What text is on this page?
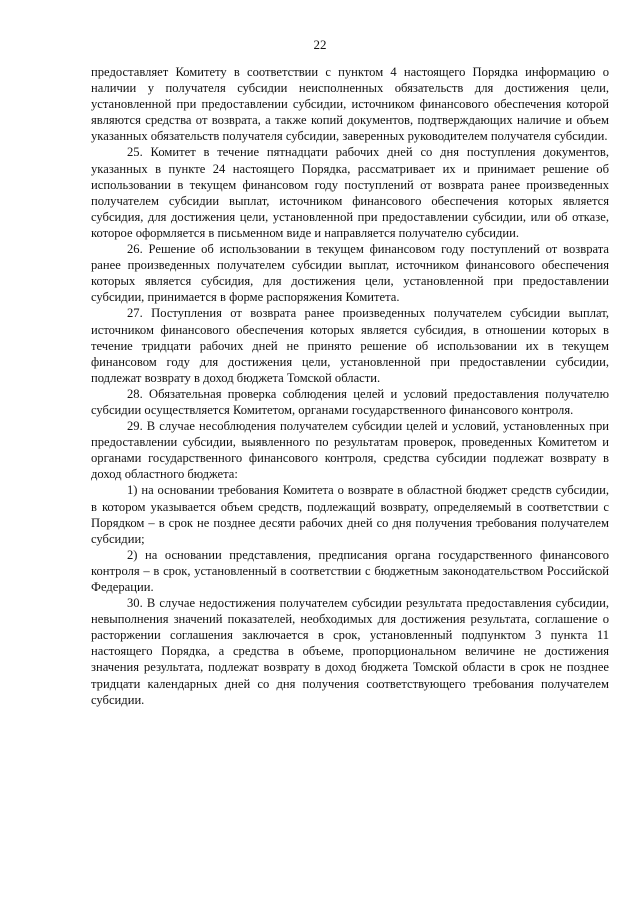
22

предоставляет Комитету в соответствии с пунктом 4 настоящего Порядка информацию о наличии у получателя субсидии неисполненных обязательств для достижения цели, установленной при предоставлении субсидии, источником финансового обеспечения которой являются средства от возврата, а также копий документов, подтверждающих наличие и объем указанных обязательств получателя субсидии, заверенных руководителем получателя субсидии.

25. Комитет в течение пятнадцати рабочих дней со дня поступления документов, указанных в пункте 24 настоящего Порядка, рассматривает их и принимает решение об использовании в текущем финансовом году поступлений от возврата ранее произведенных получателем субсидии выплат, источником финансового обеспечения которых является субсидия, для достижения цели, установленной при предоставлении субсидии, или об отказе, которое оформляется в письменном виде и направляется получателю субсидии.

26. Решение об использовании в текущем финансовом году поступлений от возврата ранее произведенных получателем субсидии выплат, источником финансового обеспечения которых является субсидия, для достижения цели, установленной при предоставлении субсидии, принимается в форме распоряжения Комитета.

27. Поступления от возврата ранее произведенных получателем субсидии выплат, источником финансового обеспечения которых является субсидия, в отношении которых в течение тридцати рабочих дней не принято решение об использовании их в текущем финансовом году для достижения цели, установленной при предоставлении субсидии, подлежат возврату в доход бюджета Томской области.

28. Обязательная проверка соблюдения целей и условий предоставления получателю субсидии осуществляется Комитетом, органами государственного финансового контроля.

29. В случае несоблюдения получателем субсидии целей и условий, установленных при предоставлении субсидии, выявленного по результатам проверок, проведенных Комитетом и органами государственного финансового контроля, средства субсидии подлежат возврату в доход областного бюджета:

1) на основании требования Комитета о возврате в областной бюджет средств субсидии, в котором указывается объем средств, подлежащий возврату, определяемый в соответствии с Порядком – в срок не позднее десяти рабочих дней со дня получения требования получателем субсидии;

2) на основании представления, предписания органа государственного финансового контроля – в срок, установленный в соответствии с бюджетным законодательством Российской Федерации.

30. В случае недостижения получателем субсидии результата предоставления субсидии, невыполнения значений показателей, необходимых для достижения результата, соглашение о расторжении соглашения заключается в срок, установленный подпунктом 3 пункта 11 настоящего Порядка, а средства в объеме, пропорциональном величине не достижения значения результата, подлежат возврату в доход бюджета Томской области в срок не позднее тридцати календарных дней со дня получения соответствующего требования получателем субсидии.
